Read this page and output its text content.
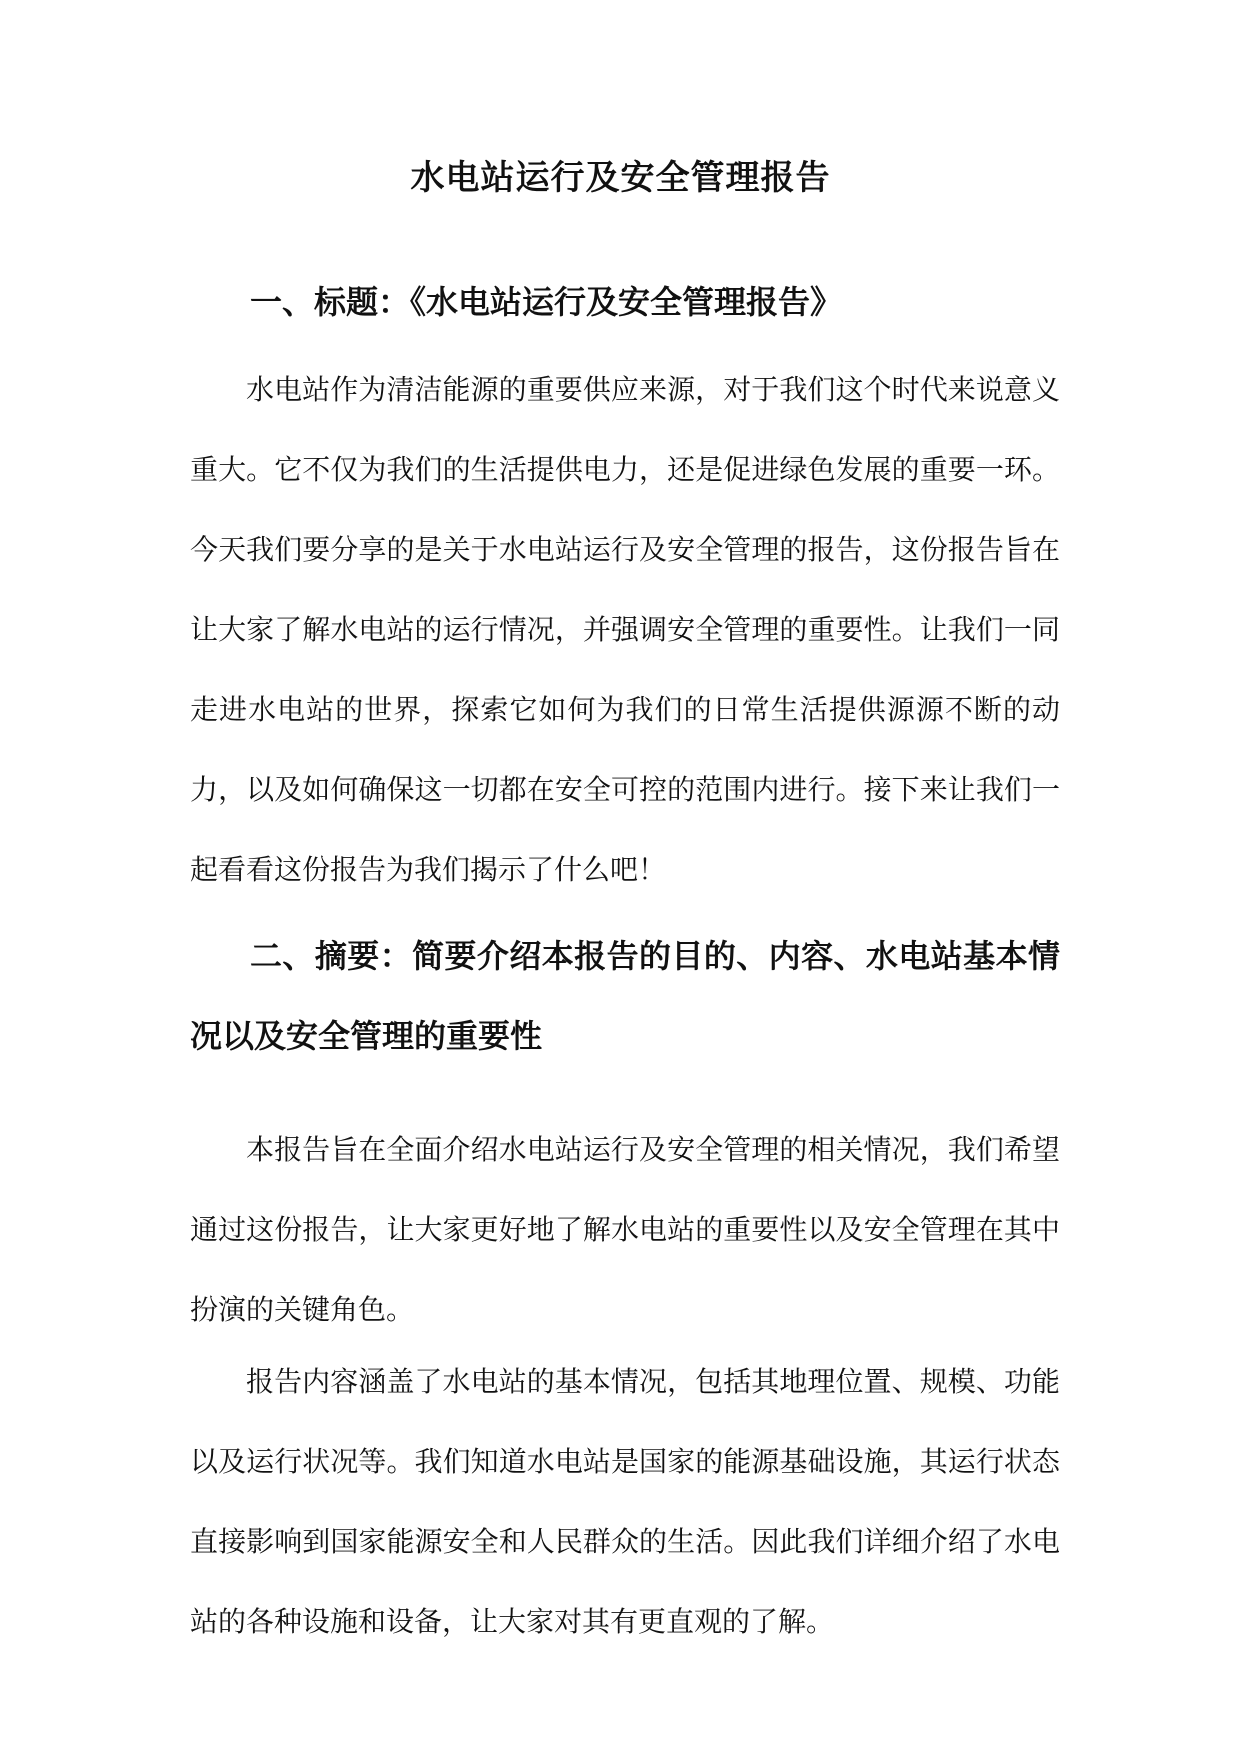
水电站运行及安全管理报告
一、标题：《水电站运行及安全管理报告》

水电站作为清洁能源的重要供应来源，对于我们这个时代来说意义重大。它不仅为我们的生活提供电力，还是促进绿色发展的重要一环。今天我们要分享的是关于水电站运行及安全管理的报告，这份报告旨在让大家了解水电站的运行情况，并强调安全管理的重要性。让我们一同走进水电站的世界，探索它如何为我们的日常生活提供源源不断的动力，以及如何确保这一切都在安全可控的范围内进行。接下来让我们一起看看这份报告为我们揭示了什么吧！

二、摘要：简要介绍本报告的目的、内容、水电站基本情况以及安全管理的重要性

本报告旨在全面介绍水电站运行及安全管理的相关情况，我们希望通过这份报告，让大家更好地了解水电站的重要性以及安全管理在其中扮演的关键角色。

报告内容涵盖了水电站的基本情况，包括其地理位置、规模、功能以及运行状况等。我们知道水电站是国家的能源基础设施，其运行状态直接影响到国家能源安全和人民群众的生活。因此我们详细介绍了水电站的各种设施和设备，让大家对其有更直观的了解。
